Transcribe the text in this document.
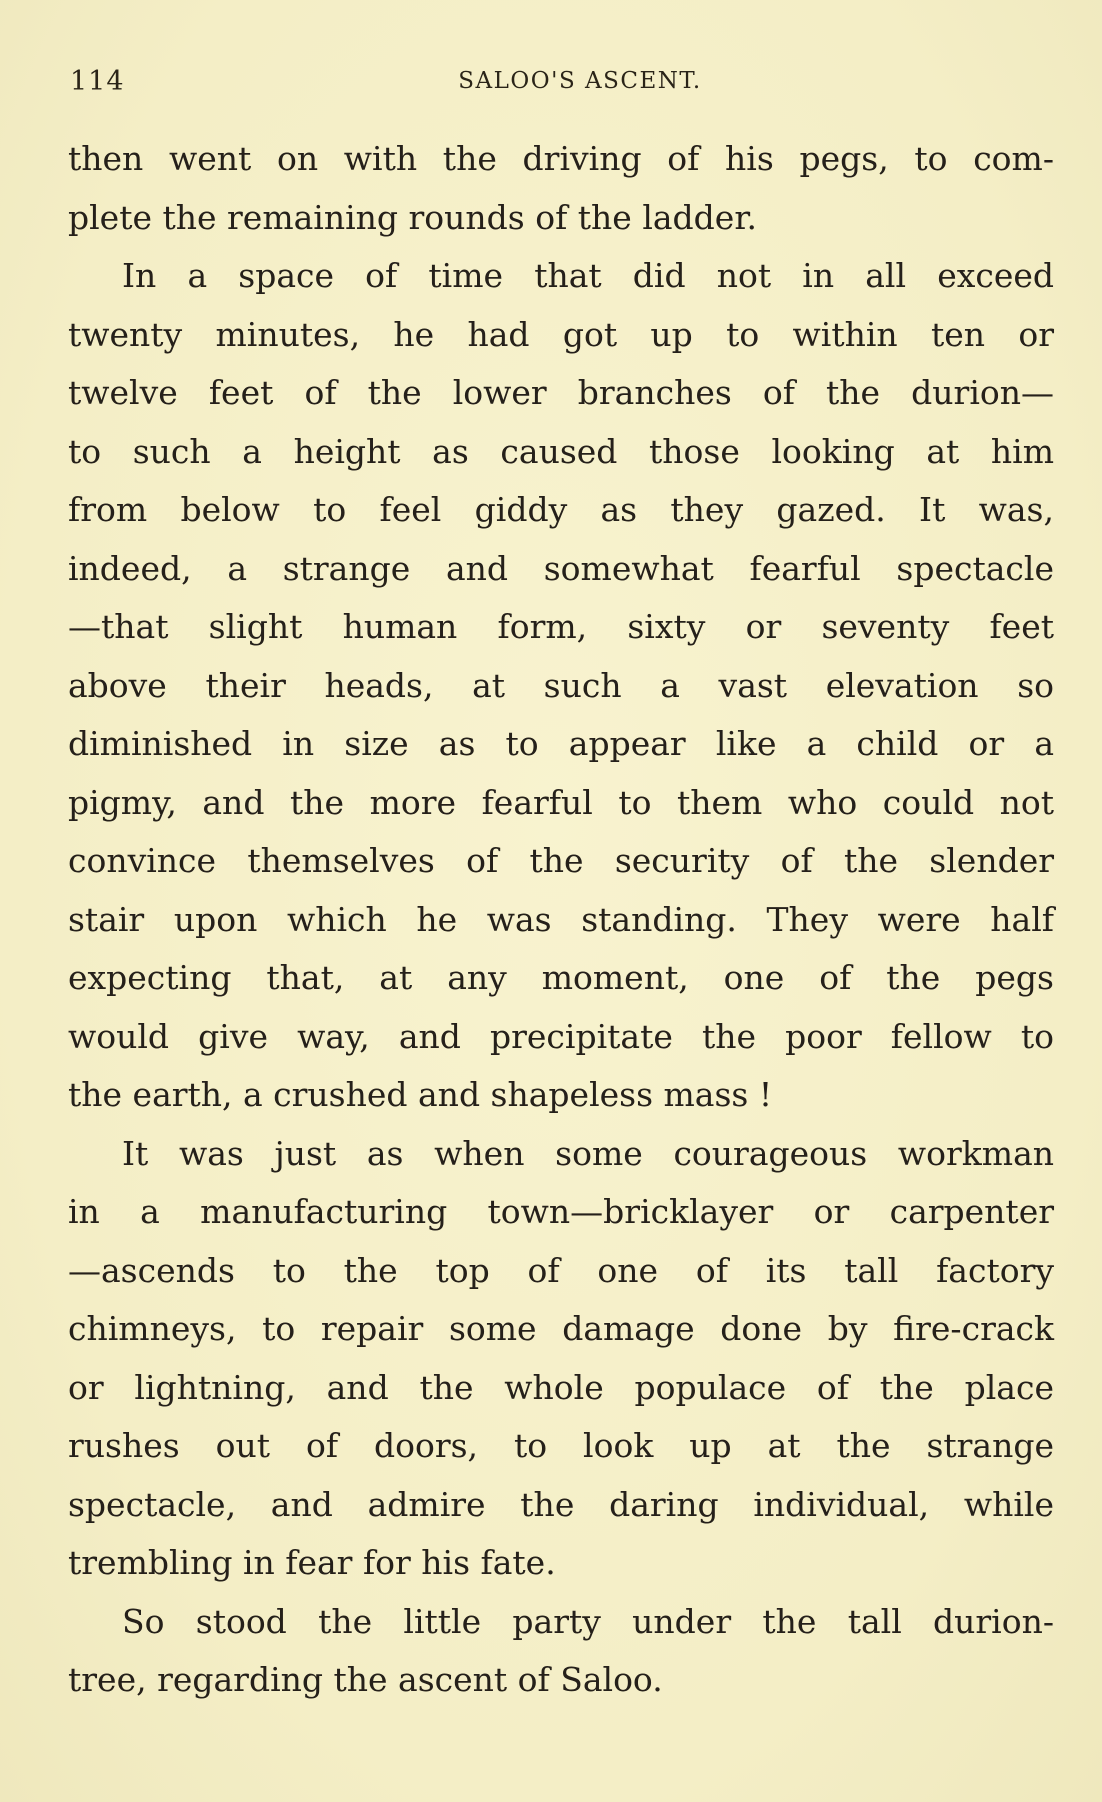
114	SALOO'S ASCENT.
then went on with the driving of his pegs, to com-
plete the remaining rounds of the ladder.
In a space of time that did not in all exceed
twenty minutes, he had got up to within ten or
twelve feet of the lower branches of the durion—
to such a height as caused those looking at him
from below to feel giddy as they gazed. It was,
indeed, a strange and somewhat fearful spectacle
—that slight human form, sixty or seventy feet
above their heads, at such a vast elevation so
diminished in size as to appear like a child or a
pigmy, and the more fearful to them who could not
convince themselves of the security of the slender
stair upon which he was standing. They were half
expecting that, at any moment, one of the pegs
would give way, and precipitate the poor fellow to
the earth, a crushed and shapeless mass !
It was just as when some courageous workman
in a manufacturing town—bricklayer or carpenter
—ascends to the top of one of its tall factory
chimneys, to repair some damage done by fire-crack
or lightning, and the whole populace of the place
rushes out of doors, to look up at the strange
spectacle, and admire the daring individual, while
trembling in fear for his fate.
So stood the little party under the tall durion-
tree, regarding the ascent of Saloo.
